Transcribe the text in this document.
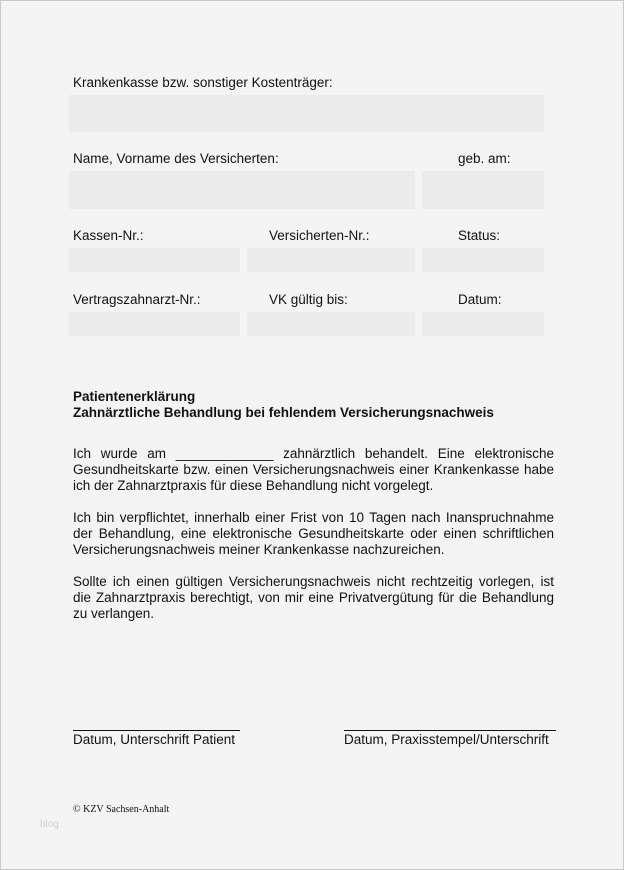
Krankenkasse bzw. sonstiger Kostenträger:
Name, Vorname des Versicherten:	geb. am:
Kassen-Nr.:	Versicherten-Nr.:	Status:
Vertragszahnarzt-Nr.:	VK gültig bis:	Datum:
Patientenerklärung
Zahnärztliche Behandlung bei fehlendem Versicherungsnachweis

Ich wurde am _____________ zahnärztlich behandelt. Eine elektronische Gesundheitskarte bzw. einen Versicherungsnachweis einer Krankenkasse habe ich der Zahnarztpraxis für diese Behandlung nicht vorgelegt.

Ich bin verpflichtet, innerhalb einer Frist von 10 Tagen nach Inanspruchnahme der Behandlung, eine elektronische Gesundheitskarte oder einen schriftlichen Versicherungsnachweis meiner Krankenkasse nachzureichen.

Sollte ich einen gültigen Versicherungsnachweis nicht rechtzeitig vorlegen, ist die Zahnarztpraxis berechtigt, von mir eine Privatvergütung für die Behandlung zu verlangen.

Datum, Unterschrift Patient	Datum, Praxisstempel/Unterschrift
© KZV Sachsen-Anhalt
blog
